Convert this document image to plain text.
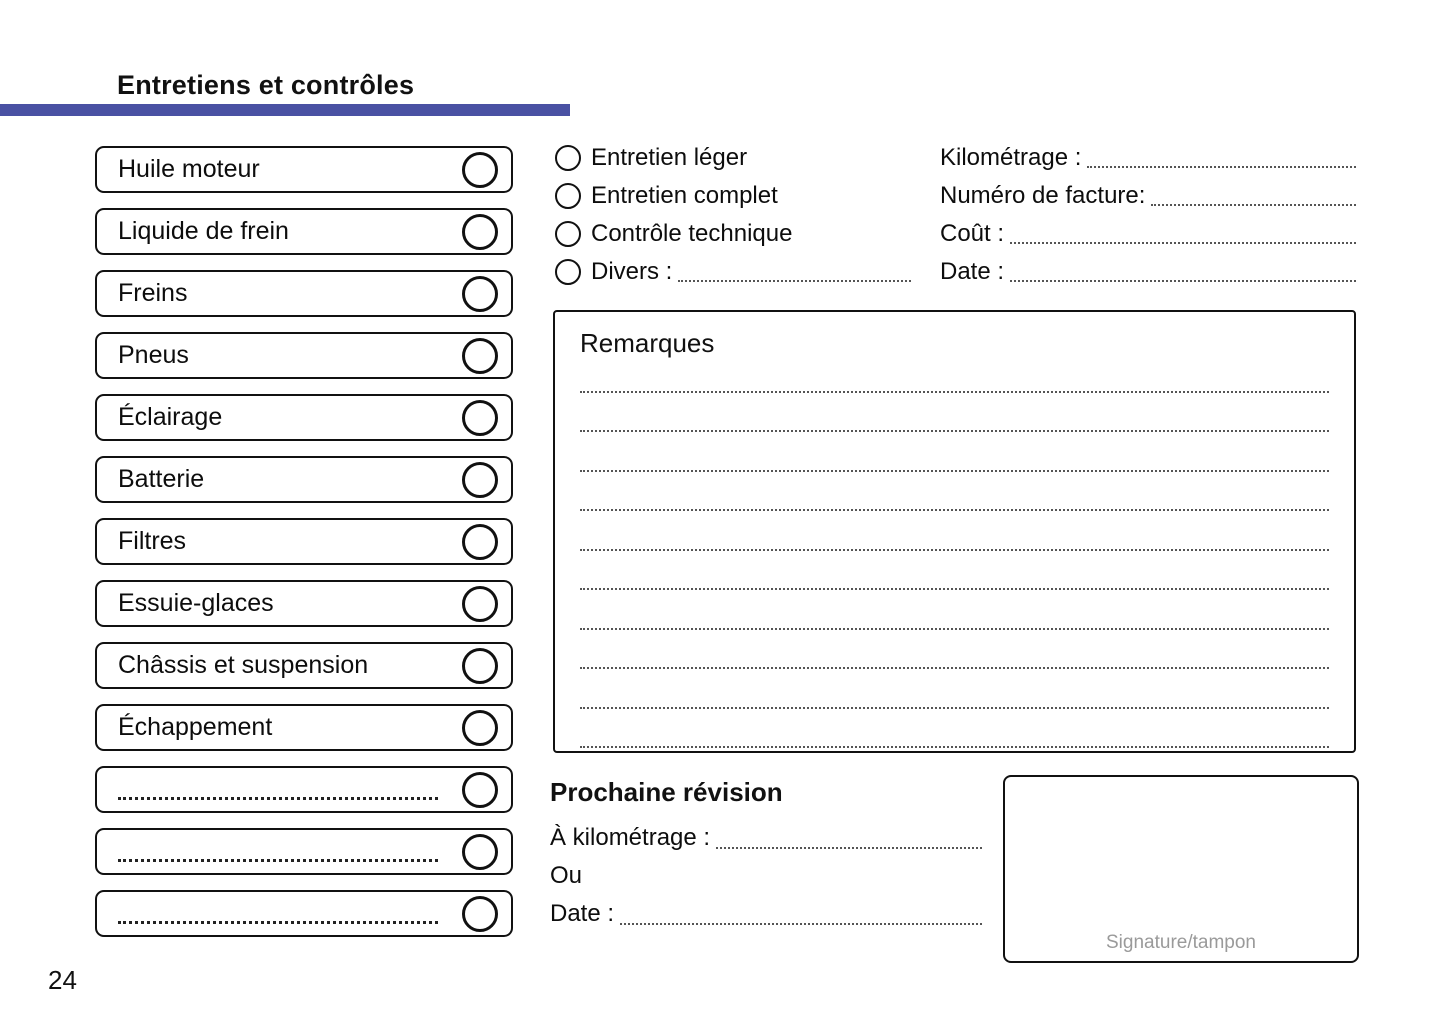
Entretiens et contrôles
Huile moteur
Liquide de frein
Freins
Pneus
Éclairage
Batterie
Filtres
Essuie-glaces
Châssis et suspension
Échappement
Entretien léger
Entretien complet
Contrôle technique
Divers :
Kilométrage :
Numéro de facture:
Coût :
Date :
Remarques
Prochaine révision
À kilométrage :
Ou
Date :
Signature/tampon
24
